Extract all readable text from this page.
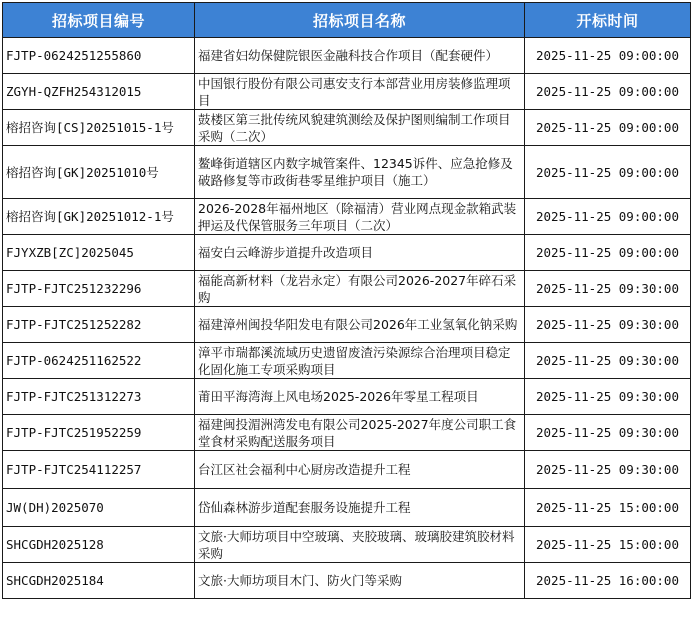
招标项目编号	招标项目名称	开标时间
FJTP-0624251255860	福建省妇幼保健院银医金融科技合作项目（配套硬件）	2025-11-25 09:00:00
ZGYH-QZFH254312015	中国银行股份有限公司惠安支行本部营业用房装修监理项目	2025-11-25 09:00:00
榕招咨询[CS]20251015-1号	鼓楼区第三批传统风貌建筑测绘及保护图则编制工作项目采购（二次）	2025-11-25 09:00:00
榕招咨询[GK]20251010号	鳌峰街道辖区内数字城管案件、12345诉件、应急抢修及破路修复等市政街巷零星维护项目（施工）	2025-11-25 09:00:00
榕招咨询[GK]20251012-1号	2026-2028年福州地区（除福清）营业网点现金款箱武装押运及代保管服务三年项目（二次）	2025-11-25 09:00:00
FJYXZB[ZC]2025045	福安白云峰游步道提升改造项目	2025-11-25 09:00:00
FJTP-FJTC251232296	福能高新材料（龙岩永定）有限公司2026-2027年碎石采购	2025-11-25 09:30:00
FJTP-FJTC251252282	福建漳州闽投华阳发电有限公司2026年工业氢氧化钠采购	2025-11-25 09:30:00
FJTP-0624251162522	漳平市瑞都溪流域历史遗留废渣污染源综合治理项目稳定化固化施工专项采购项目	2025-11-25 09:30:00
FJTP-FJTC251312273	莆田平海湾海上风电场2025-2026年零星工程项目	2025-11-25 09:30:00
FJTP-FJTC251952259	福建闽投湄洲湾发电有限公司2025-2027年度公司职工食堂食材采购配送服务项目	2025-11-25 09:30:00
FJTP-FJTC254112257	台江区社会福利中心厨房改造提升工程	2025-11-25 09:30:00
JW(DH)2025070	岱仙森林游步道配套服务设施提升工程	2025-11-25 15:00:00
SHCGDH2025128	文旅·大师坊项目中空玻璃、夹胶玻璃、玻璃胶建筑胶材料采购	2025-11-25 15:00:00
SHCGDH2025184	文旅·大师坊项目木门、防火门等采购	2025-11-25 16:00:00
